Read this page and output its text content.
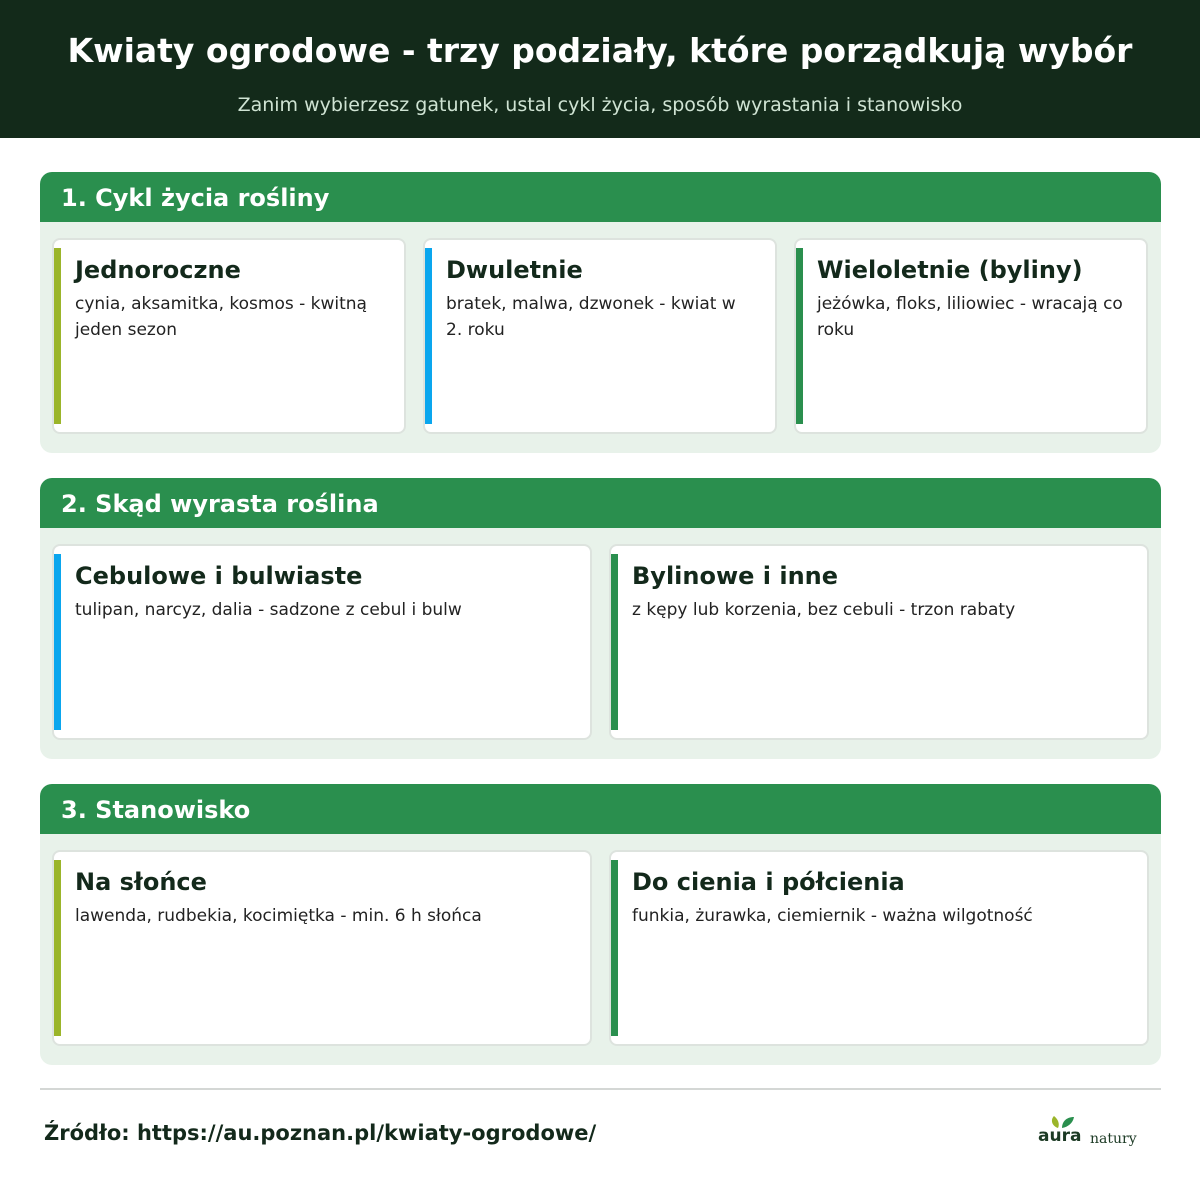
Kwiaty ogrodowe - trzy podziały, które porządkują wybór
Zanim wybierzesz gatunek, ustal cykl życia, sposób wyrastania i stanowisko
1. Cykl życia rośliny
Jednoroczne
cynia, aksamitka, kosmos - kwitną jeden sezon
Dwuletnie
bratek, malwa, dzwonek - kwiat w 2. roku
Wieloletnie (byliny)
jeżówka, floks, liliowiec - wracają co roku
2. Skąd wyrasta roślina
Cebulowe i bulwiaste
tulipan, narcyz, dalia - sadzone z cebul i bulw
Bylinowe i inne
z kępy lub korzenia, bez cebuli - trzon rabaty
3. Stanowisko
Na słońce
lawenda, rudbekia, kocimiętka - min. 6 h słońca
Do cienia i półcienia
funkia, żurawka, ciemiernik - ważna wilgotność
Źródło: https://au.poznan.pl/kwiaty-ogrodowe/	aura natury
